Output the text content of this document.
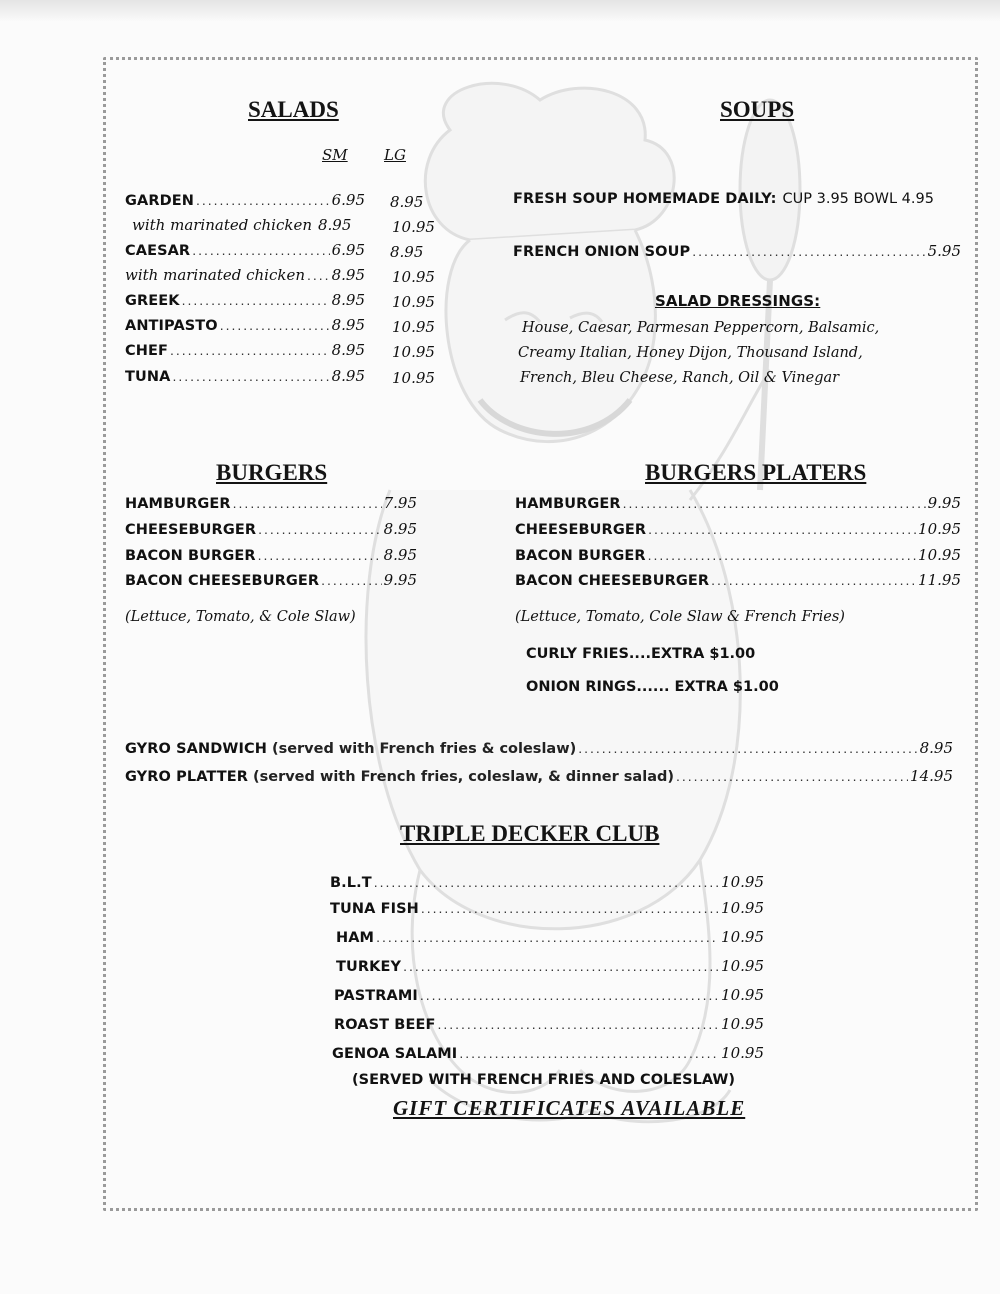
SALADS
SM LG
GARDEN .....	6.95 8.95
with marinated chicken 8.95	10.95
CAESAR .....	6.95 8.95
with marinated chicken ..... 8.95 10.95
GREEK .....	8.95 10.95
ANTIPASTO .....	8.95 10.95
CHEF .....	8.95 10.95
TUNA .....	8.95 10.95
SOUPS
FRESH SOUP HOMEMADE DAILY: CUP 3.95 BOWL 4.95
FRENCH ONION SOUP .....	5.95
SALAD DRESSINGS:
House, Caesar, Parmesan Peppercorn, Balsamic,
Creamy Italian, Honey Dijon, Thousand Island,
French, Bleu Cheese, Ranch, Oil & Vinegar
BURGERS
HAMBURGER .....	7.95
CHEESEBURGER .....	8.95
BACON BURGER .....	8.95
BACON CHEESEBURGER .....	9.95
(Lettuce, Tomato, & Cole Slaw)
BURGERS PLATERS
HAMBURGER .....	9.95
CHEESEBURGER .....	10.95
BACON BURGER .....	10.95
BACON CHEESEBURGER .....	11.95
(Lettuce, Tomato, Cole Slaw & French Fries)
CURLY FRIES....EXTRA $1.00
ONION RINGS...... EXTRA $1.00
GYRO SANDWICH (served with French fries & coleslaw) .....	8.95
GYRO PLATTER (served with French fries, coleslaw, & dinner salad) .....	14.95
TRIPLE DECKER CLUB
B.L.T .....	10.95
TUNA FISH .....	10.95
HAM .....	10.95
TURKEY .....	10.95
PASTRAMI .....	10.95
ROAST BEEF .....	10.95
GENOA SALAMI .....	10.95
(SERVED WITH FRENCH FRIES AND COLESLAW)
GIFT CERTIFICATES AVAILABLE
